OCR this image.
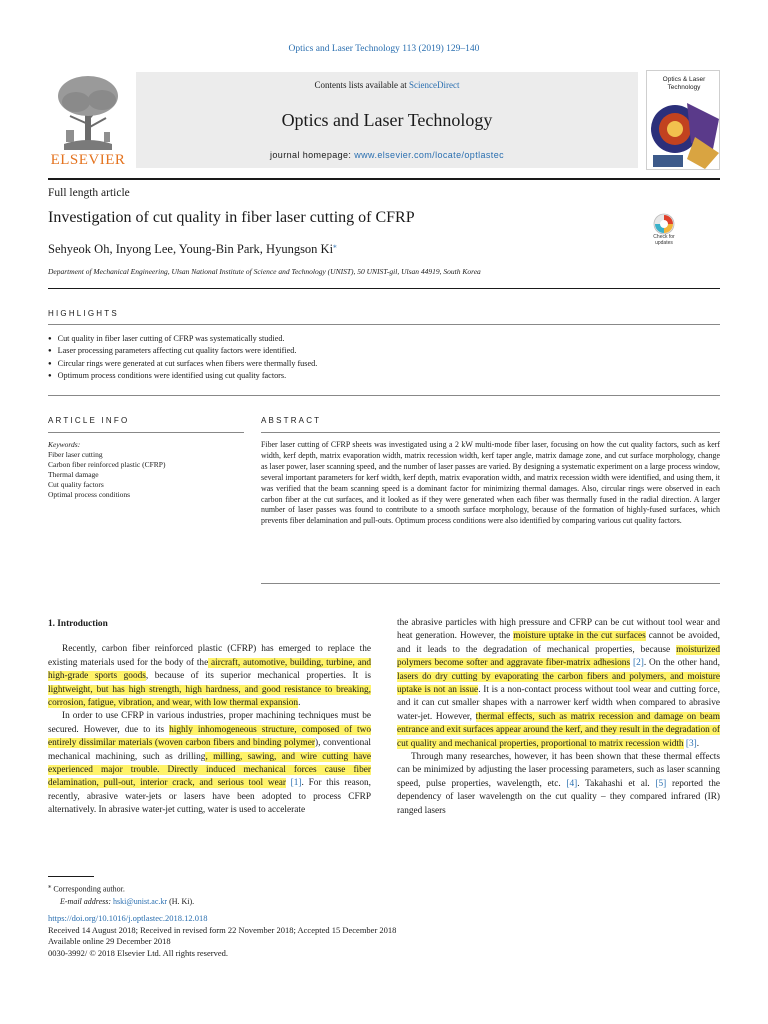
Optics and Laser Technology 113 (2019) 129–140
ELSEVIER
Contents lists available at ScienceDirect
Optics and Laser Technology
journal homepage: www.elsevier.com/locate/optlastec
Optics & Laser
Technology
Full length article
Investigation of cut quality in fiber laser cutting of CFRP
Check for
updates
Sehyeok Oh, Inyong Lee, Young-Bin Park, Hyungson Ki⁎
Department of Mechanical Engineering, Ulsan National Institute of Science and Technology (UNIST), 50 UNIST-gil, Ulsan 44919, South Korea
HIGHLIGHTS
● Cut quality in fiber laser cutting of CFRP was systematically studied.
● Laser processing parameters affecting cut quality factors were identified.
● Circular rings were generated at cut surfaces when fibers were thermally fused.
● Optimum process conditions were identified using cut quality factors.
ARTICLE INFO	ABSTRACT
Keywords:
Fiber laser cutting
Carbon fiber reinforced plastic (CFRP)
Thermal damage
Cut quality factors
Optimal process conditions

Fiber laser cutting of CFRP sheets was investigated using a 2 kW multi-mode fiber laser, focusing on how the cut quality factors, such as kerf width, kerf depth, matrix evaporation width, matrix recession width, kerf taper angle, matrix damage zone, and cut surface morphology, change as laser power, laser scanning speed, and the number of laser passes are varied. By designing a systematic experiment on a large process window, several important parameters for kerf width, kerf depth, matrix evaporation width, and matrix recession width were identified, and using them, it was verified that the beam scanning speed is a dominant factor for minimizing thermal damages. Also, circular rings were observed in each carbon fiber at the cut surfaces, and it looked as if they were generated when each fiber was thermally fused in the radial direction. A larger number of laser passes was found to contribute to a smooth surface morphology, because of the formation of highly-fused surfaces, which prevents fiber delamination and pull-outs. Optimum process conditions were also identified by comparing various cut quality factors.

1. Introduction

Recently, carbon fiber reinforced plastic (CFRP) has emerged to replace the existing materials used for the body of the aircraft, automotive, building, turbine, and high-grade sports goods, because of its superior mechanical properties. It is lightweight, but has high strength, high hardness, and good resistance to breaking, corrosion, fatigue, vibration, and wear, with low thermal expansion.

In order to use CFRP in various industries, proper machining techniques must be secured. However, due to its highly inhomogeneous structure, composed of two entirely dissimilar materials (woven carbon fibers and binding polymer), conventional mechanical machining, such as drilling, milling, sawing, and wire cutting have experienced major trouble. Directly induced mechanical forces cause fiber delamination, pull-out, interior crack, and serious tool wear [1]. For this reason, recently, abrasive water-jets or lasers have been adopted to process CFRP alternatively. In abrasive water-jet cutting, water is used to accelerate

the abrasive particles with high pressure and CFRP can be cut without tool wear and heat generation. However, the moisture uptake in the cut surfaces cannot be avoided, and it leads to the degradation of mechanical properties, because moisturized polymers become softer and aggravate fiber-matrix adhesions [2]. On the other hand, lasers do dry cutting by evaporating the carbon fibers and polymers, and moisture uptake is not an issue. It is a non-contact process without tool wear and cutting force, and it can cut smaller shapes with a narrower kerf width when compared to abrasive water-jet. However, thermal effects, such as matrix recession and damage on beam entrance and exit surfaces appear around the kerf, and they result in the degradation of cut quality and mechanical properties, proportional to matrix recession width [3].

Through many researches, however, it has been shown that these thermal effects can be minimized by adjusting the laser processing parameters, such as laser scanning speed, pulse properties, wavelength, etc. [4]. Takahashi et al. [5] reported the dependency of laser wavelength on the cut quality – they compared infrared (IR) ranged lasers

⁎ Corresponding author.
E-mail address: hski@unist.ac.kr (H. Ki).
https://doi.org/10.1016/j.optlastec.2018.12.018
Received 14 August 2018; Received in revised form 22 November 2018; Accepted 15 December 2018
Available online 29 December 2018
0030-3992/ © 2018 Elsevier Ltd. All rights reserved.
